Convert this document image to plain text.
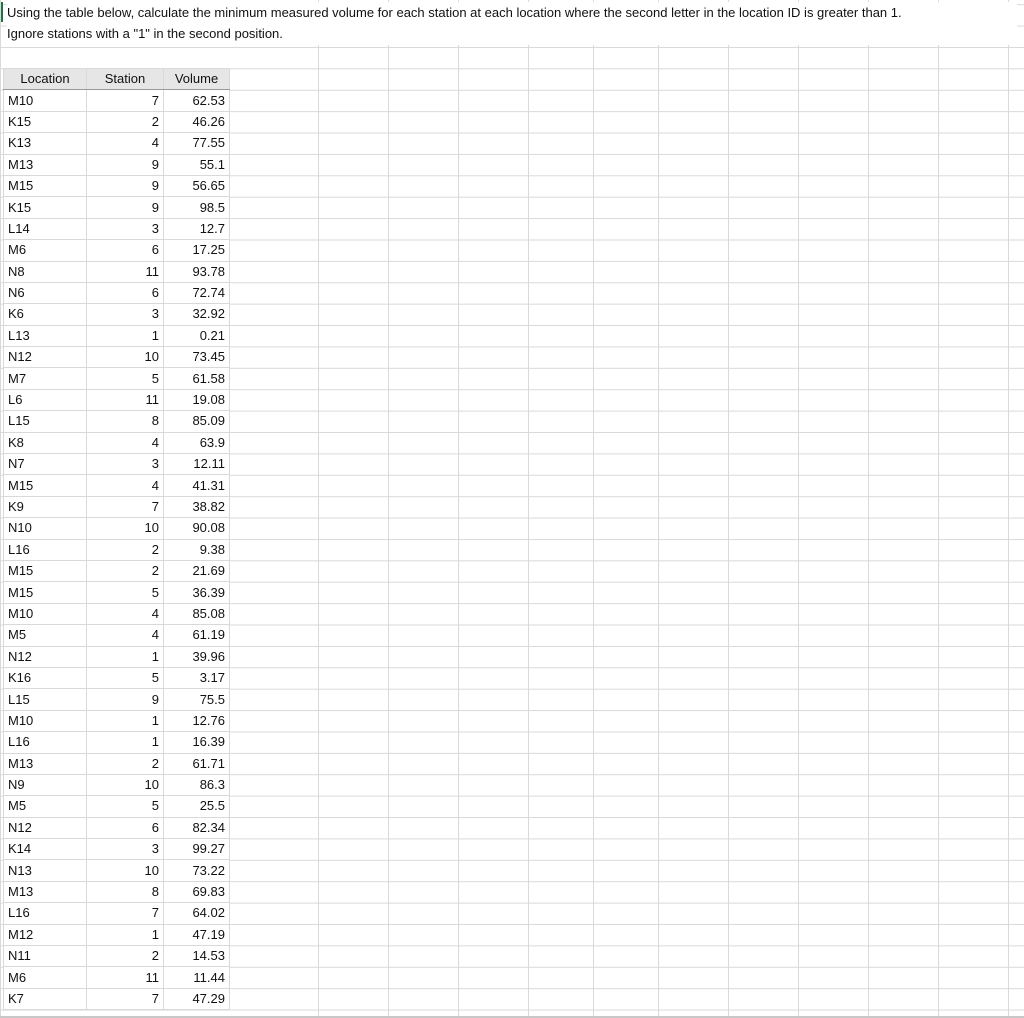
Using the table below, calculate the minimum measured volume for each station at each location where the second letter in the location ID is greater than 1.
Ignore stations with a "1" in the second position.
Location	Station	Volume
M10	7	62.53
K15	2	46.26
K13	4	77.55
M13	9	55.1
M15	9	56.65
K15	9	98.5
L14	3	12.7
M6	6	17.25
N8	11	93.78
N6	6	72.74
K6	3	32.92
L13	1	0.21
N12	10	73.45
M7	5	61.58
L6	11	19.08
L15	8	85.09
K8	4	63.9
N7	3	12.11
M15	4	41.31
K9	7	38.82
N10	10	90.08
L16	2	9.38
M15	2	21.69
M15	5	36.39
M10	4	85.08
M5	4	61.19
N12	1	39.96
K16	5	3.17
L15	9	75.5
M10	1	12.76
L16	1	16.39
M13	2	61.71
N9	10	86.3
M5	5	25.5
N12	6	82.34
K14	3	99.27
N13	10	73.22
M13	8	69.83
L16	7	64.02
M12	1	47.19
N11	2	14.53
M6	11	11.44
K7	7	47.29
